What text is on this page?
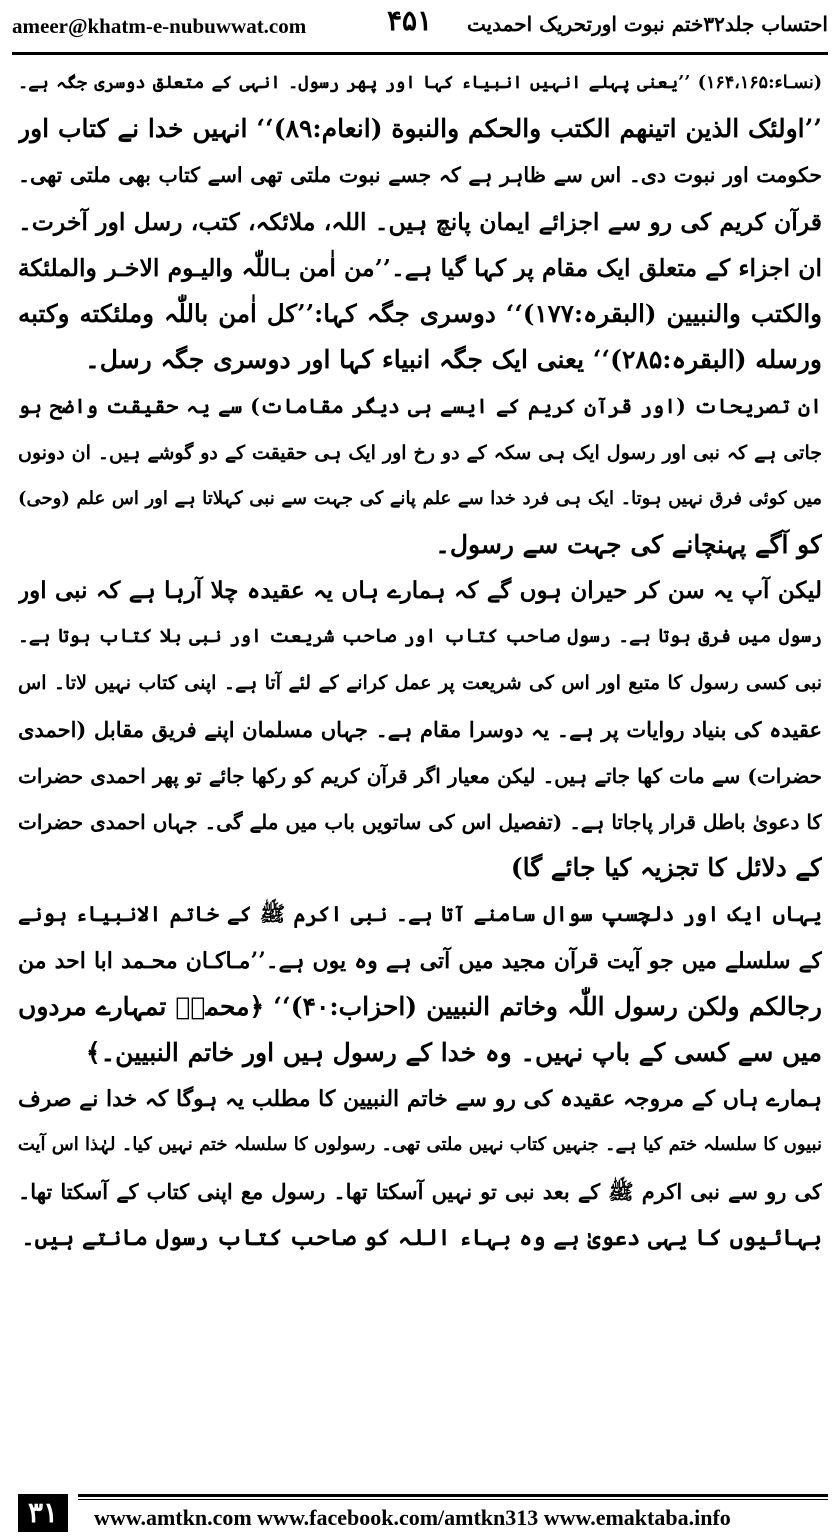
ameer@khatm-e-nubuwwat.com	۴۵۱ احتساب جلد۳۲ختم نبوت اورتحریک احمدیت
(نسـاء:۱۶۴،۱۶۵) ’’یعنی پہلے انہیں انبیاء کہا اور پھر رسول۔ انہی کے متعلق دوسری جگہ ہے۔
’’اولئک الذین اتینهم الکتب والحکم والنبوة (انعام:۸۹)‘‘ انہیں خدا نے کتاب اور
حکومت اور نبوت دی۔ اس سے ظاہر ہے کہ جسے نبوت ملتی تھی اسے کتاب بھی ملتی تھی۔
قرآن کریم کی رو سے اجزائے ایمان پانچ ہیں۔ اللہ، ملائکہ، کتب، رسل اور آخرت۔
ان اجزاء کے متعلق ایک مقام پر کہا گیا ہے۔’’من اٰمن بـاللّٰہ والیـوم الاخـر والملئکة
والکتب والنبیین (البقرہ:۱۷۷)‘‘ دوسری جگہ کہا:’’کل اٰمن باللّٰہ وملئکته وکتبه
ورسله (البقرہ:۲۸۵)‘‘ یعنی ایک جگہ انبیاء کہا اور دوسری جگہ رسل۔
ان تصریحات (اور قرآن کریم کے ایسے ہی دیگر مقامات) سے یہ حقیقت واضح ہو
جاتی ہے کہ نبی اور رسول ایک ہی سکہ کے دو رخ اور ایک ہی حقیقت کے دو گوشے ہیں۔ ان دونوں
میں کوئی فرق نہیں ہوتا۔ ایک ہی فرد خدا سے علم پانے کی جہت سے نبی کہلاتا ہے اور اس علم (وحی)
کو آگے پہنچانے کی جہت سے رسول۔
لیکن آپ یہ سن کر حیران ہوں گے کہ ہمارے ہاں یہ عقیدہ چلا آرہا ہے کہ نبی اور
رسول میں فرق ہوتا ہے۔ رسول صاحب کتاب اور صاحب شریعت اور نبی بلا کتاب ہوتا ہے۔
نبی کسی رسول کا متبع اور اس کی شریعت پر عمل کرانے کے لئے آتا ہے۔ اپنی کتاب نہیں لاتا۔ اس
عقیدہ کی بنیاد روایات پر ہے۔ یہ دوسرا مقام ہے۔ جہاں مسلمان اپنے فریق مقابل (احمدی
حضرات) سے مات کھا جاتے ہیں۔ لیکن معیار اگر قرآن کریم کو رکھا جائے تو پھر احمدی حضرات
کا دعویٰ باطل قرار پاجاتا ہے۔ (تفصیل اس کی ساتویں باب میں ملے گی۔ جہاں احمدی حضرات
کے دلائل کا تجزیہ کیا جائے گا)
یہاں ایک اور دلچسپ سوال سامنے آتا ہے۔ نبی اکرم ﷺ کے خاتم الانبیاء ہونے
کے سلسلے میں جو آیت قرآن مجید میں آتی ہے وہ یوں ہے۔’’مـاکـان محـمد ابا احد من
رجالکم ولکن رسول اللّٰہ وخاتم النبیین (احزاب:۴۰)‘‘ ﴿محمدؐ تمہارے مردوں
میں سے کسی کے باپ نہیں۔ وہ خدا کے رسول ہیں اور خاتم النبیین۔﴾
ہمارے ہاں کے مروجہ عقیدہ کی رو سے خاتم النبیین کا مطلب یہ ہوگا کہ خدا نے صرف
نبیوں کا سلسلہ ختم کیا ہے۔ جنہیں کتاب نہیں ملتی تھی۔ رسولوں کا سلسلہ ختم نہیں کیا۔ لہٰذا اس آیت
کی رو سے نبی اکرم ﷺ کے بعد نبی تو نہیں آسکتا تھا۔ رسول مع اپنی کتاب کے آسکتا تھا۔
بہائیوں کا یہی دعویٰ ہے وہ بہاء اللہ کو صاحب کتاب رسول مانتے ہیں۔
۳۱	www.amtkn.com www.facebook.com/amtkn313 www.emaktaba.info
